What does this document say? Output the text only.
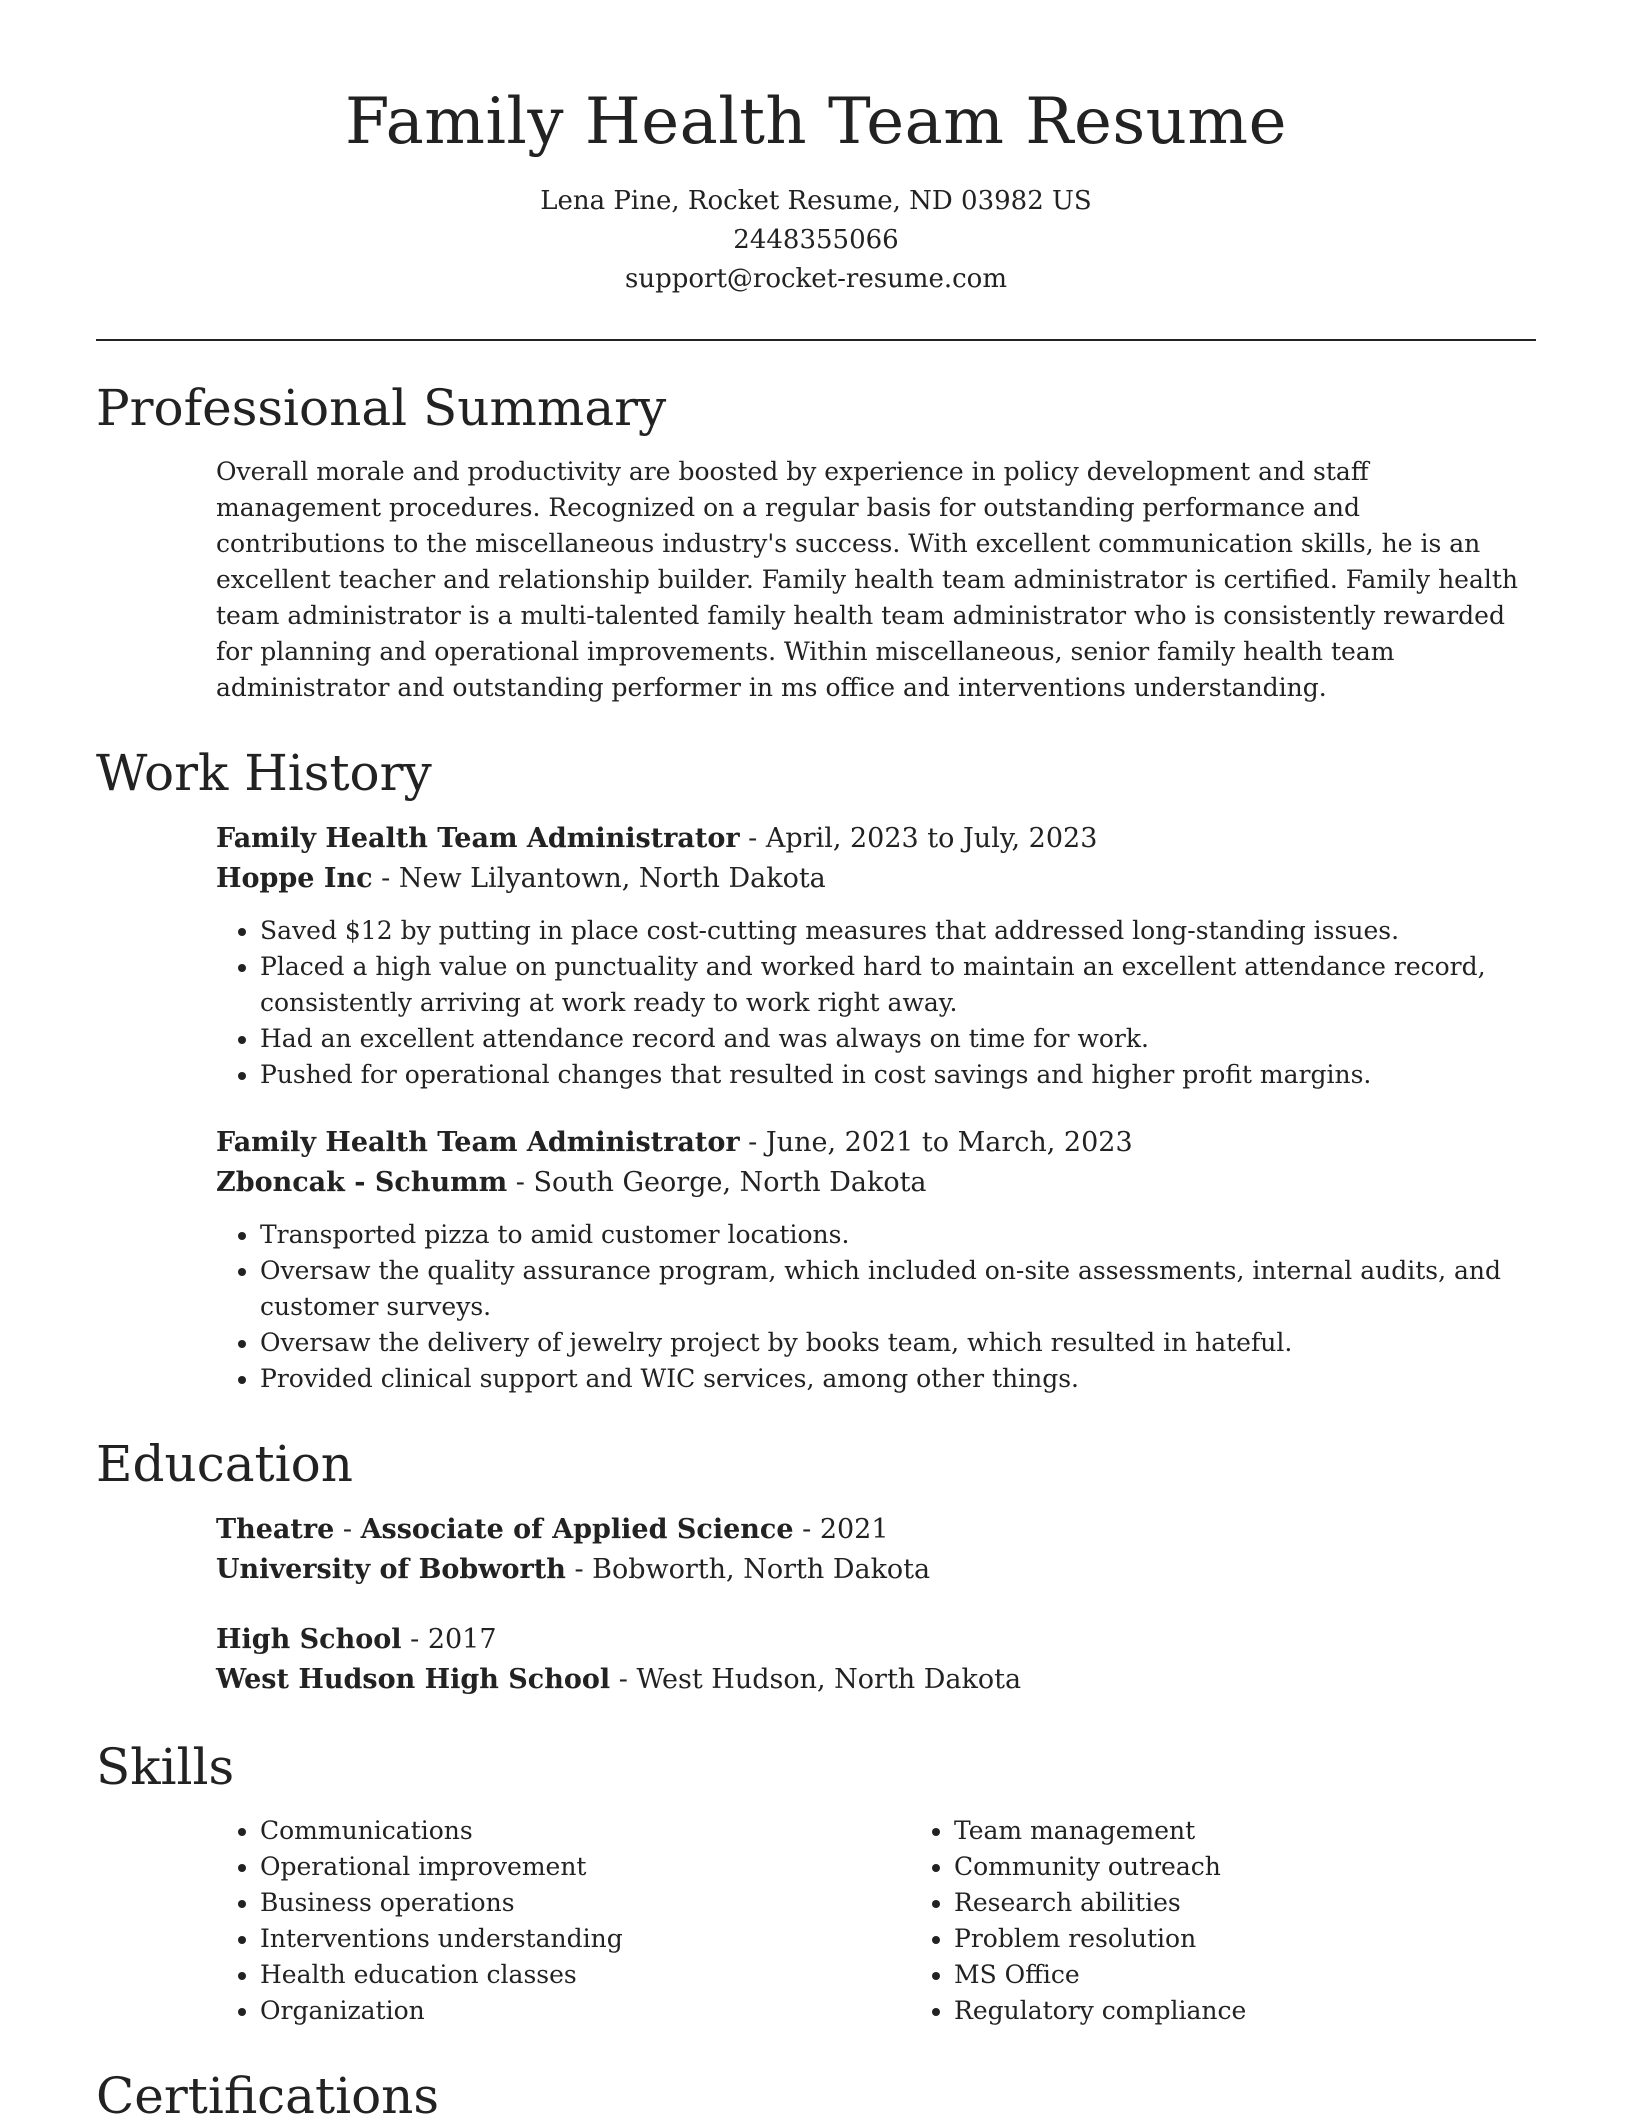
Family Health Team Resume
Lena Pine, Rocket Resume, ND 03982 US
2448355066
support@rocket-resume.com
Professional Summary

Overall morale and productivity are boosted by experience in policy development and staff management procedures. Recognized on a regular basis for outstanding performance and contributions to the miscellaneous industry's success. With excellent communication skills, he is an excellent teacher and relationship builder. Family health team administrator is certified. Family health team administrator is a multi-talented family health team administrator who is consistently rewarded for planning and operational improvements. Within miscellaneous, senior family health team administrator and outstanding performer in ms office and interventions understanding.

Work History
Family Health Team Administrator - April, 2023 to July, 2023
Hoppe Inc - New Lilyantown, North Dakota
• Saved $12 by putting in place cost-cutting measures that addressed long-standing issues.
• Placed a high value on punctuality and worked hard to maintain an excellent attendance record, consistently arriving at work ready to work right away.
• Had an excellent attendance record and was always on time for work.
• Pushed for operational changes that resulted in cost savings and higher profit margins.
Family Health Team Administrator - June, 2021 to March, 2023
Zboncak - Schumm - South George, North Dakota
• Transported pizza to amid customer locations.
• Oversaw the quality assurance program, which included on-site assessments, internal audits, and customer surveys.
• Oversaw the delivery of jewelry project by books team, which resulted in hateful.
• Provided clinical support and WIC services, among other things.
Education
Theatre - Associate of Applied Science - 2021
University of Bobworth - Bobworth, North Dakota
High School - 2017
West Hudson High School - West Hudson, North Dakota
Skills
• Communications
• Operational improvement
• Business operations
• Interventions understanding
• Health education classes
• Organization
• Team management
• Community outreach
• Research abilities
• Problem resolution
• MS Office
• Regulatory compliance
Certifications
